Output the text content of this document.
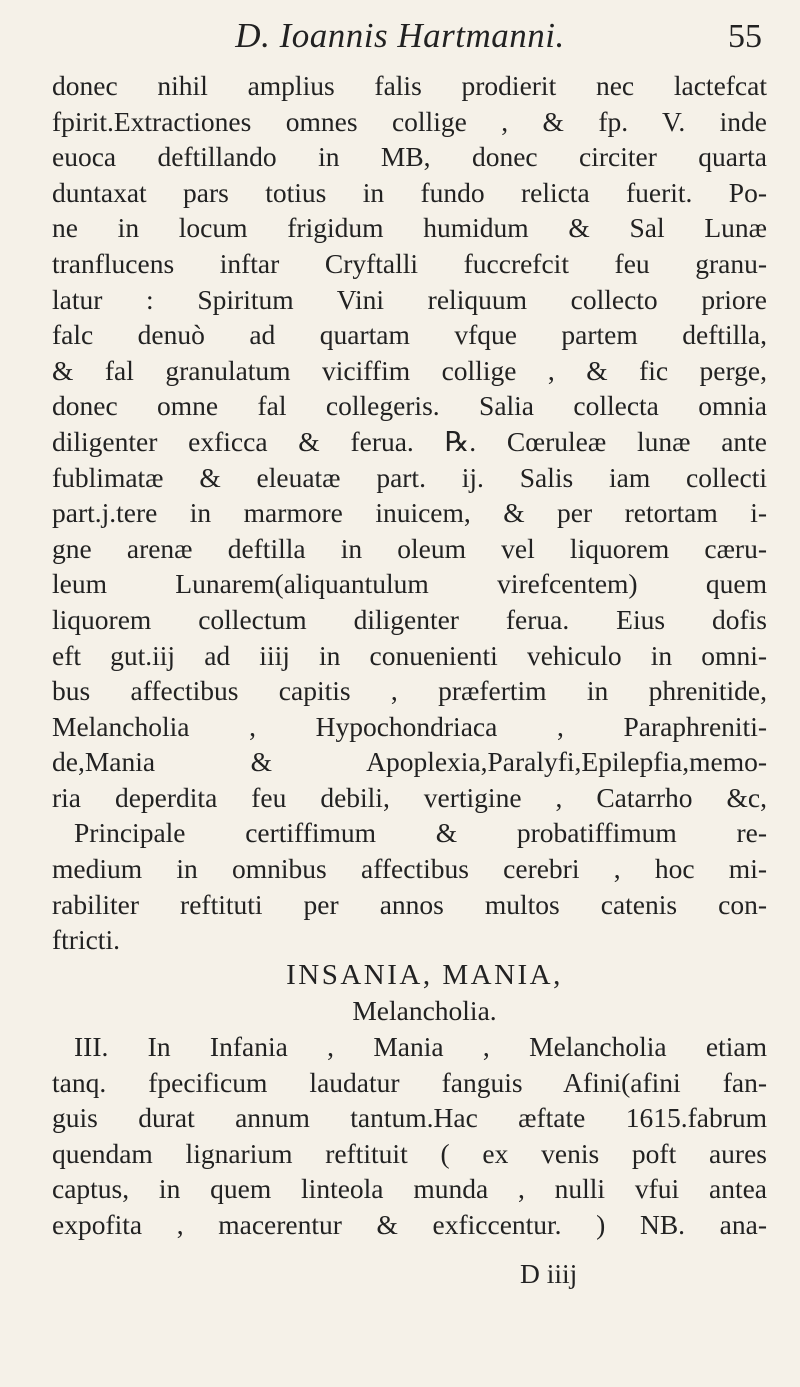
D. Ioannis Hartmanni.	55
donec nihil amplius falis prodierit nec lactefcat
fpirit.Extractiones omnes collige , & fp. V. inde
euoca deftillando in MB, donec circiter quarta
duntaxat pars totius in fundo relicta fuerit. Po-
ne in locum frigidum humidum & Sal Lunæ
tranflucens inftar Cryftalli fuccrefcit feu granu-
latur : Spiritum Vini reliquum collecto priore
falc denuò ad quartam vfque partem deftilla,
& fal granulatum viciffim collige , & fic perge,
donec omne fal collegeris. Salia collecta omnia
diligenter exficca & ferua. ℞. Cœruleæ lunæ ante
fublimatæ & eleuatæ part. ij. Salis iam collecti
part.j.tere in marmore inuicem, & per retortam i-
gne arenæ deftilla in oleum vel liquorem cæru-
leum Lunarem(aliquantulum virefcentem) quem
liquorem collectum diligenter ferua. Eius dofis
eft gut.iij ad iiij in conuenienti vehiculo in omni-
bus affectibus capitis , præfertim in phrenitide,
Melancholia , Hypochondriaca , Paraphreniti-
de,Mania & Apoplexia,Paralyfi,Epilepfia,memo-
ria deperdita feu debili, vertigine , Catarrho &c,
Principale certiffimum & probatiffimum re-
medium in omnibus affectibus cerebri , hoc mi-
rabiliter reftituti per annos multos catenis con-
ftricti.
INSANIA, MANIA,
Melancholia.
III. In Infania , Mania , Melancholia etiam
tanq. fpecificum laudatur fanguis Afini(afini fan-
guis durat annum tantum.Hac æftate 1615.fabrum
quendam lignarium reftituit ( ex venis poft aures
captus, in quem linteola munda , nulli vfui antea
expofita , macerentur & exficcentur. ) NB. ana-
D iiij
